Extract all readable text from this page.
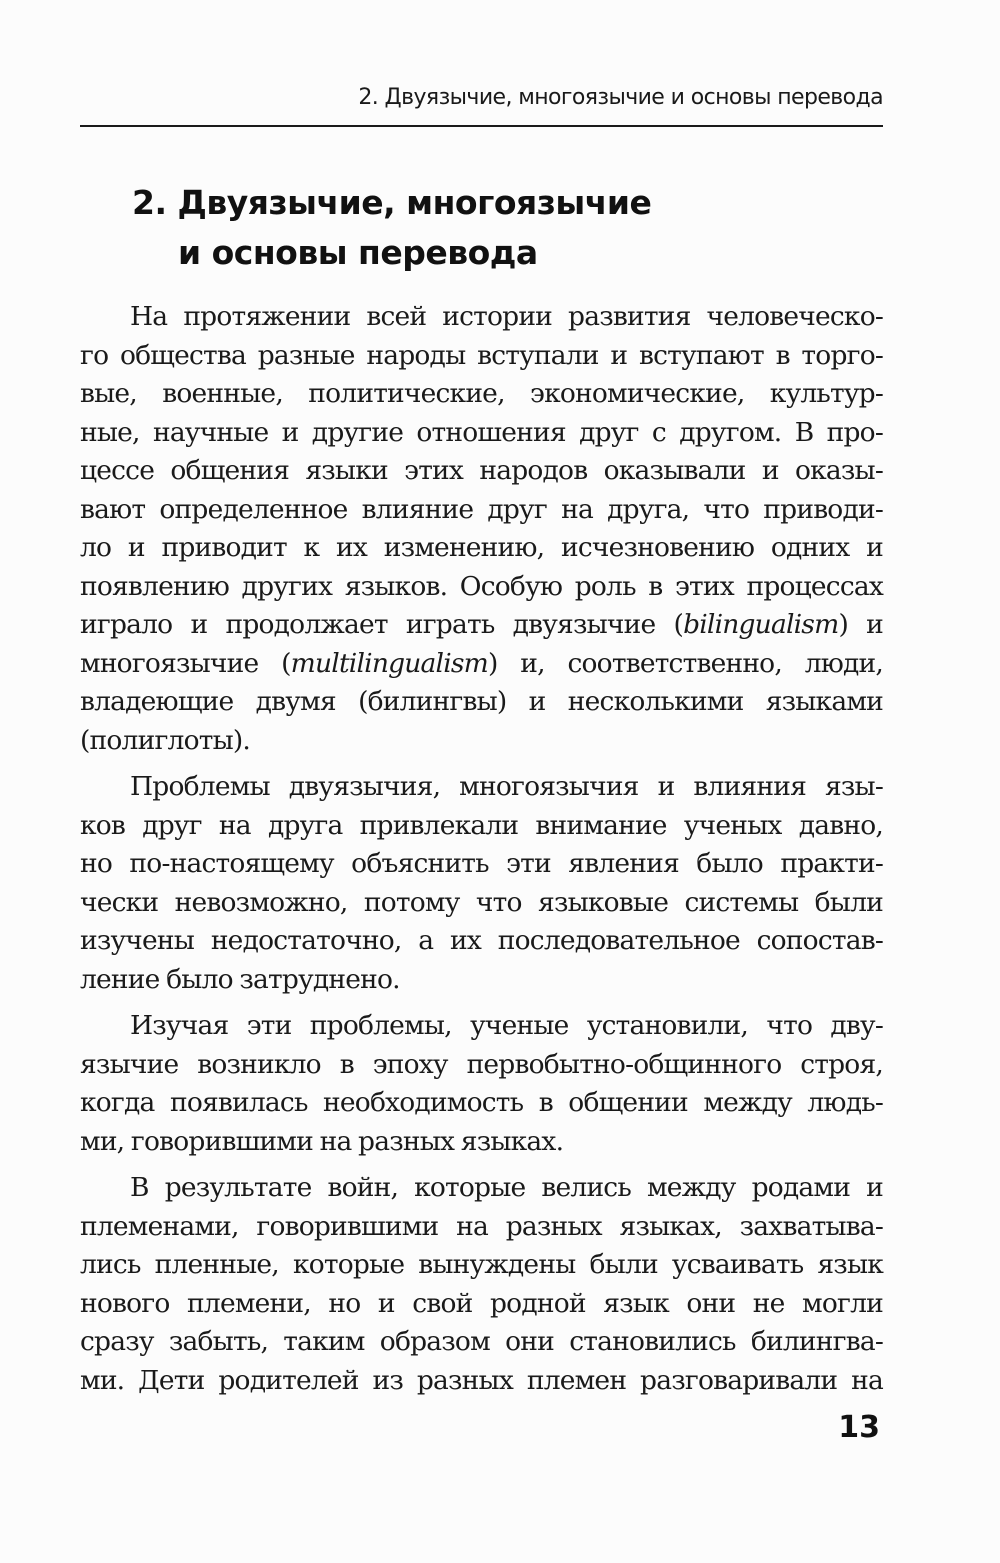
2. Двуязычие, многоязычие и основы перевода
2. Двуязычие, многоязычие
и основы перевода

На протяжении всей истории развития человеческо-
го общества разные народы вступали и вступают в торго-
вые, военные, политические, экономические, культур-
ные, научные и другие отношения друг с другом. В про-
цессе общения языки этих народов оказывали и оказы-
вают определенное влияние друг на друга, что приводи-
ло и приводит к их изменению, исчезновению одних и
появлению других языков. Особую роль в этих процессах
играло и продолжает играть двуязычие (bilingualism) и
многоязычие (multilingualism) и, соответственно, люди,
владеющие двумя (билингвы) и несколькими языками
(полиглоты).

Проблемы двуязычия, многоязычия и влияния язы-
ков друг на друга привлекали внимание ученых давно,
но по-настоящему объяснить эти явления было практи-
чески невозможно, потому что языковые системы были
изучены недостаточно, а их последовательное сопостав-
ление было затруднено.

Изучая эти проблемы, ученые установили, что дву-
язычие возникло в эпоху первобытно-общинного строя,
когда появилась необходимость в общении между людь-
ми, говорившими на разных языках.

В результате войн, которые велись между родами и
племенами, говорившими на разных языках, захватыва-
лись пленные, которые вынуждены были усваивать язык
нового племени, но и свой родной язык они не могли
сразу забыть, таким образом они становились билингва-
ми. Дети родителей из разных племен разговаривали на

13
